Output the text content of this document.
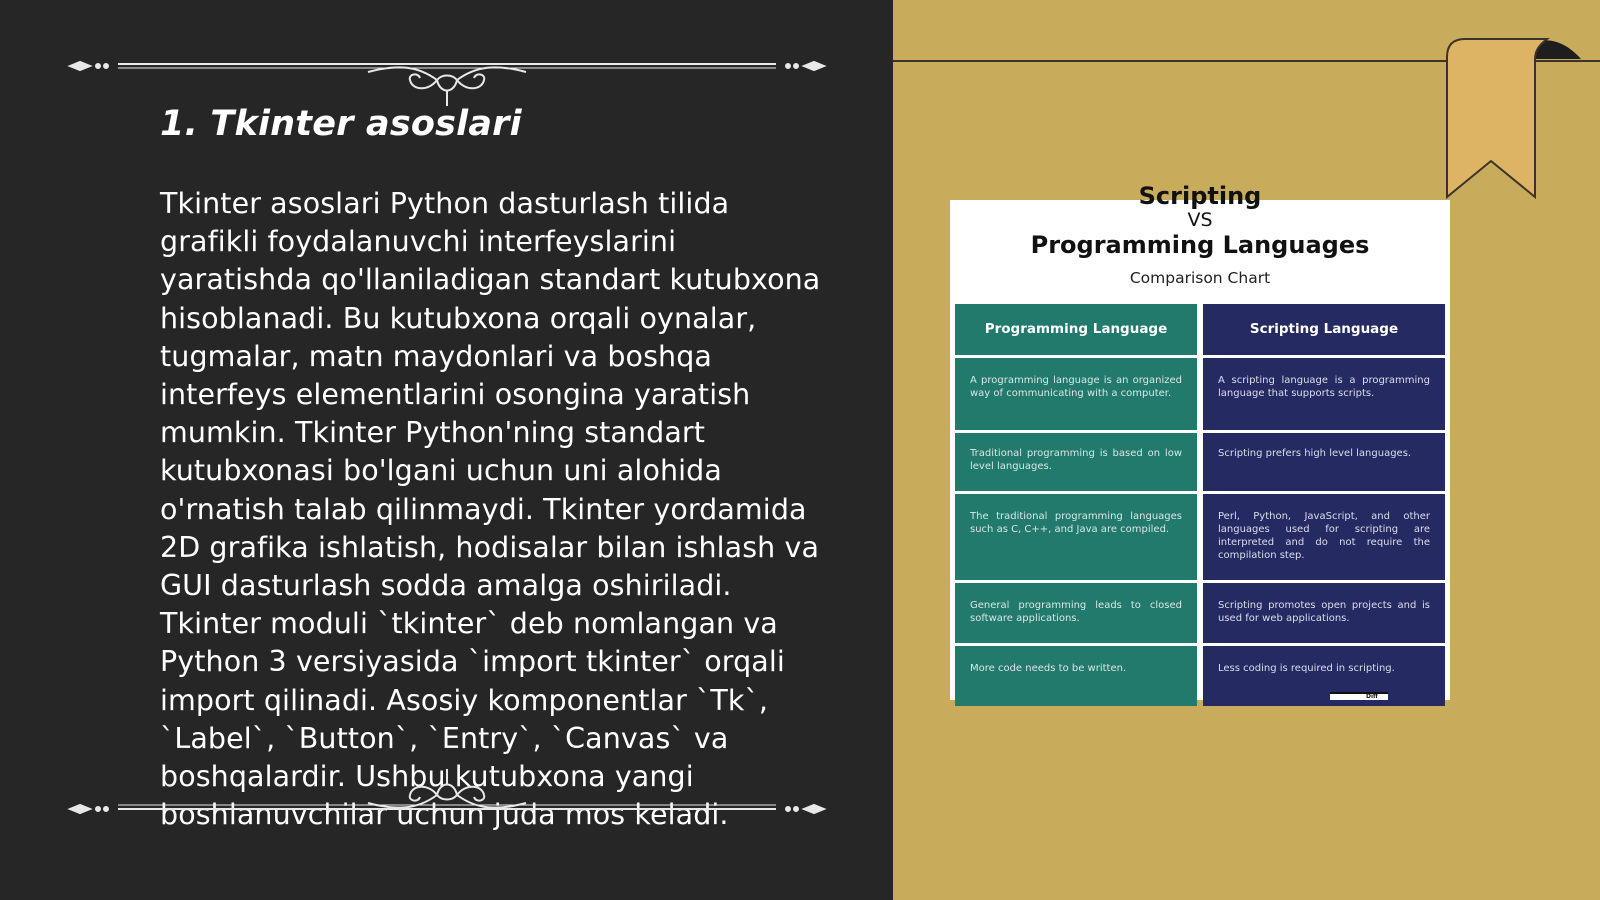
1. Tkinter asoslari
Tkinter asoslari Python dasturlash tilida grafikli foydalanuvchi interfeyslarini yaratishda qo'llaniladigan standart kutubxona hisoblanadi. Bu kutubxona orqali oynalar, tugmalar, matn maydonlari va boshqa interfeys elementlarini osongina yaratish mumkin. Tkinter Python'ning standart kutubxonasi bo'lgani uchun uni alohida o'rnatish talab qilinmaydi. Tkinter yordamida 2D grafika ishlatish, hodisalar bilan ishlash va GUI dasturlash sodda amalga oshiriladi. Tkinter moduli `tkinter` deb nomlangan va Python 3 versiyasida `import tkinter` orqali import qilinadi. Asosiy komponentlar `Tk`, `Label`, `Button`, `Entry`, `Canvas` va boshqalardir. Ushbu kutubxona yangi boshlanuvchilar uchun juda mos keladi.
Scripting
VS
Programming Languages
Comparison Chart
Programming Language	Scripting Language
A programming language is an organized way of communicating with a computer.
A scripting language is a programming language that supports scripts.
Traditional programming is based on low level languages.
Scripting prefers high level languages.
The traditional programming languages such as C, C++, and Java are compiled.
Perl, Python, JavaScript, and other languages used for scripting are interpreted and do not require the compilation step.
General programming leads to closed software applications.
Scripting promotes open projects and is used for web applications.
More code needs to be written.	Less coding is required in scripting.
Diff
